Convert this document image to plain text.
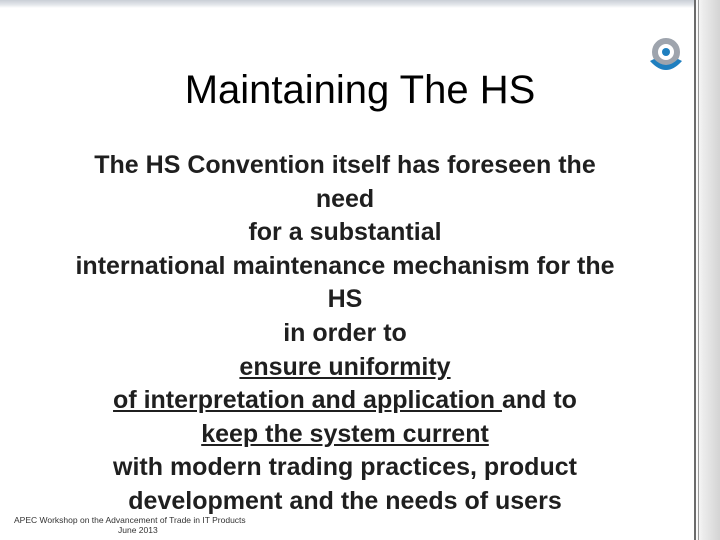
Maintaining The HS
The HS Convention itself has foreseen the
need
for a substantial
international maintenance mechanism for the
HS
in order to
ensure uniformity
of interpretation and application and to
keep the system current
with modern trading practices, product
development and the needs of users
APEC Workshop on the Advancement of Trade in IT Products
June 2013
